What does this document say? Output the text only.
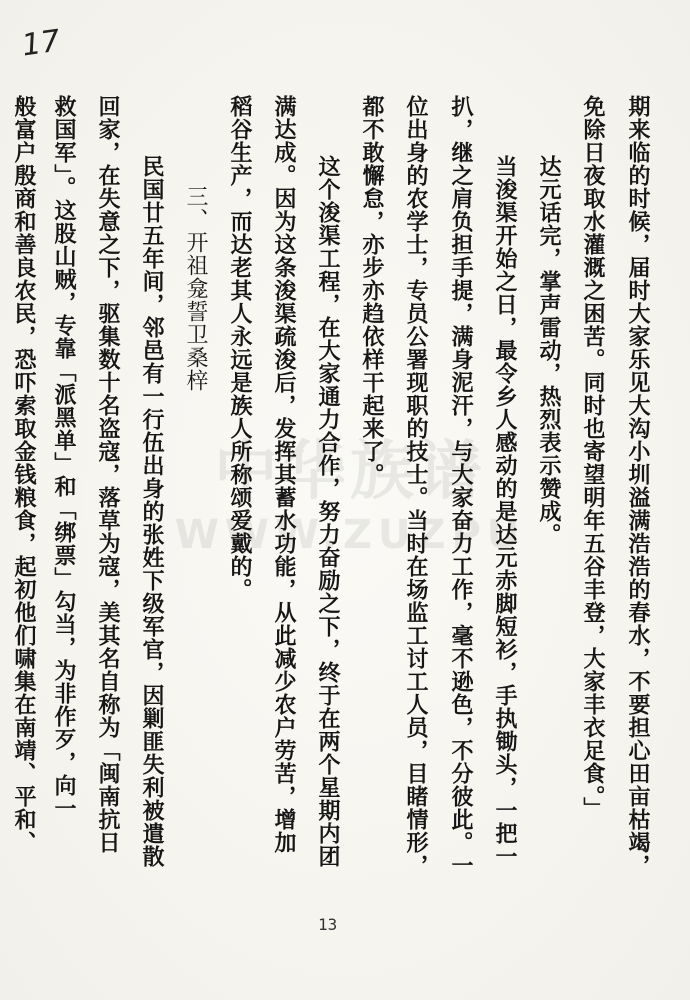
17
中华族谱
WWW.ZUZPU	期来临的时候，届时大家乐见大沟小圳溢满浩浩的春水，不要担心田亩枯竭，
免除日夜取水灌溉之困苦。同时也寄望明年五谷丰登，大家丰衣足食。」
达元话完，掌声雷动，热烈表示赞成。
当浚渠开始之日，最令乡人感动的是达元赤脚短衫，手执锄头，一把一
扒，继之肩负担手提，满身泥汗，与大家奋力工作，毫不逊色，不分彼此。一
位出身的农学士，专员公署现职的技士。当时在场监工讨工人员，目睹情形，
都不敢懈怠，亦步亦趋依样干起来了。
这个浚渠工程，在大家通力合作，努力奋励之下，终于在两个星期内团
满达成。因为这条浚渠疏浚后，发挥其蓄水功能，从此减少农户劳苦，增加
稻谷生产，而达老其人永远是族人所称颂爱戴的。
三、开祖龛誓卫桑梓
民国廿五年间，邻邑有一行伍出身的张姓下级军官，因剿匪失利被遣散
回家，在失意之下，驱集数十名盗寇，落草为寇，美其名自称为「闽南抗日
救国军」。这股山贼，专靠「派黑单」和「绑票」勾当，为非作歹，向一
般富户殷商和善良农民，恐吓索取金钱粮食，起初他们啸集在南靖、平和、
13
